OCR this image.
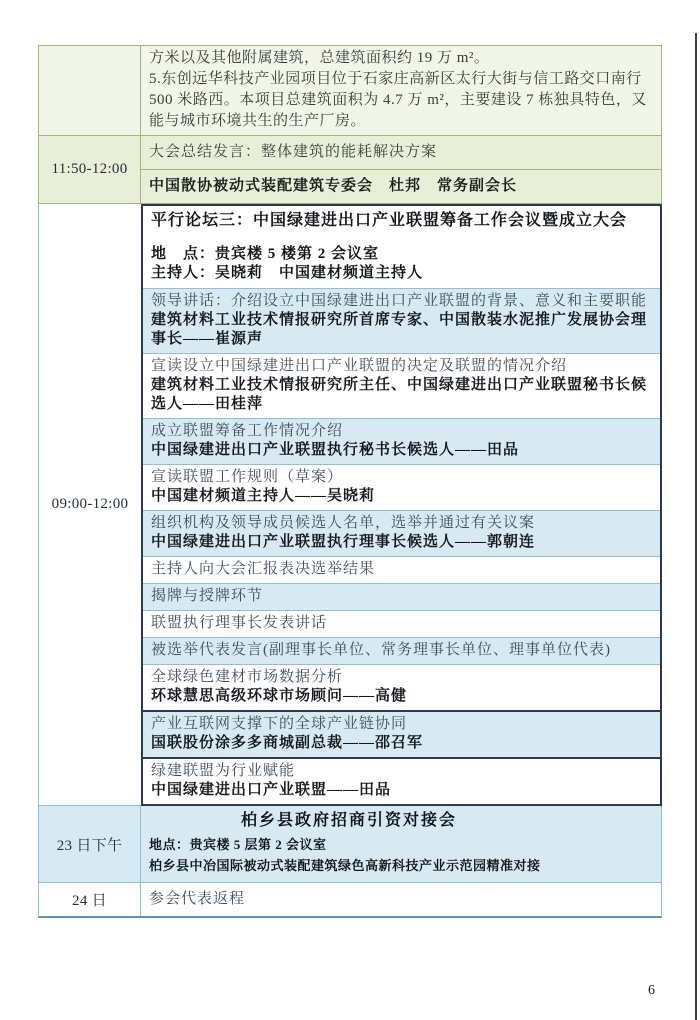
方米以及其他附属建筑，总建筑面积约 19 万 m²。

5.东创远华科技产业园项目位于石家庄高新区太行大街与信工路交口南行 500 米路西。本项目总建筑面积为 4.7 万 m²，主要建设 7 栋独具特色，又能与城市环境共生的生产厂房。

11:50-12:00
大会总结发言：整体建筑的能耗解决方案
中国散协被动式装配建筑专委会　杜邦　常务副会长
09:00-12:00
平行论坛三：中国绿建进出口产业联盟筹备工作会议暨成立大会
地　点：贵宾楼 5 楼第 2 会议室
主持人：吴晓莉　中国建材频道主持人
领导讲话：介绍设立中国绿建进出口产业联盟的背景、意义和主要职能
建筑材料工业技术情报研究所首席专家、中国散装水泥推广发展协会理事长——崔源声
宣读设立中国绿建进出口产业联盟的决定及联盟的情况介绍
建筑材料工业技术情报研究所主任、中国绿建进出口产业联盟秘书长候选人——田桂萍
成立联盟筹备工作情况介绍
中国绿建进出口产业联盟执行秘书长候选人——田品
宣读联盟工作规则（草案）
中国建材频道主持人——吴晓莉
组织机构及领导成员候选人名单，选举并通过有关议案
中国绿建进出口产业联盟执行理事长候选人——郭朝连
主持人向大会汇报表决选举结果
揭牌与授牌环节
联盟执行理事长发表讲话
被选举代表发言(副理事长单位、常务理事长单位、理事单位代表)
全球绿色建材市场数据分析
环球慧思高级环球市场顾问——高健
产业互联网支撑下的全球产业链协同
国联股份涂多多商城副总裁——邵召军
绿建联盟为行业赋能
中国绿建进出口产业联盟——田品
23 日下午
柏乡县政府招商引资对接会
地点：贵宾楼 5 层第 2 会议室
柏乡县中冶国际被动式装配建筑绿色高新科技产业示范园精准对接
24 日	参会代表返程
6
